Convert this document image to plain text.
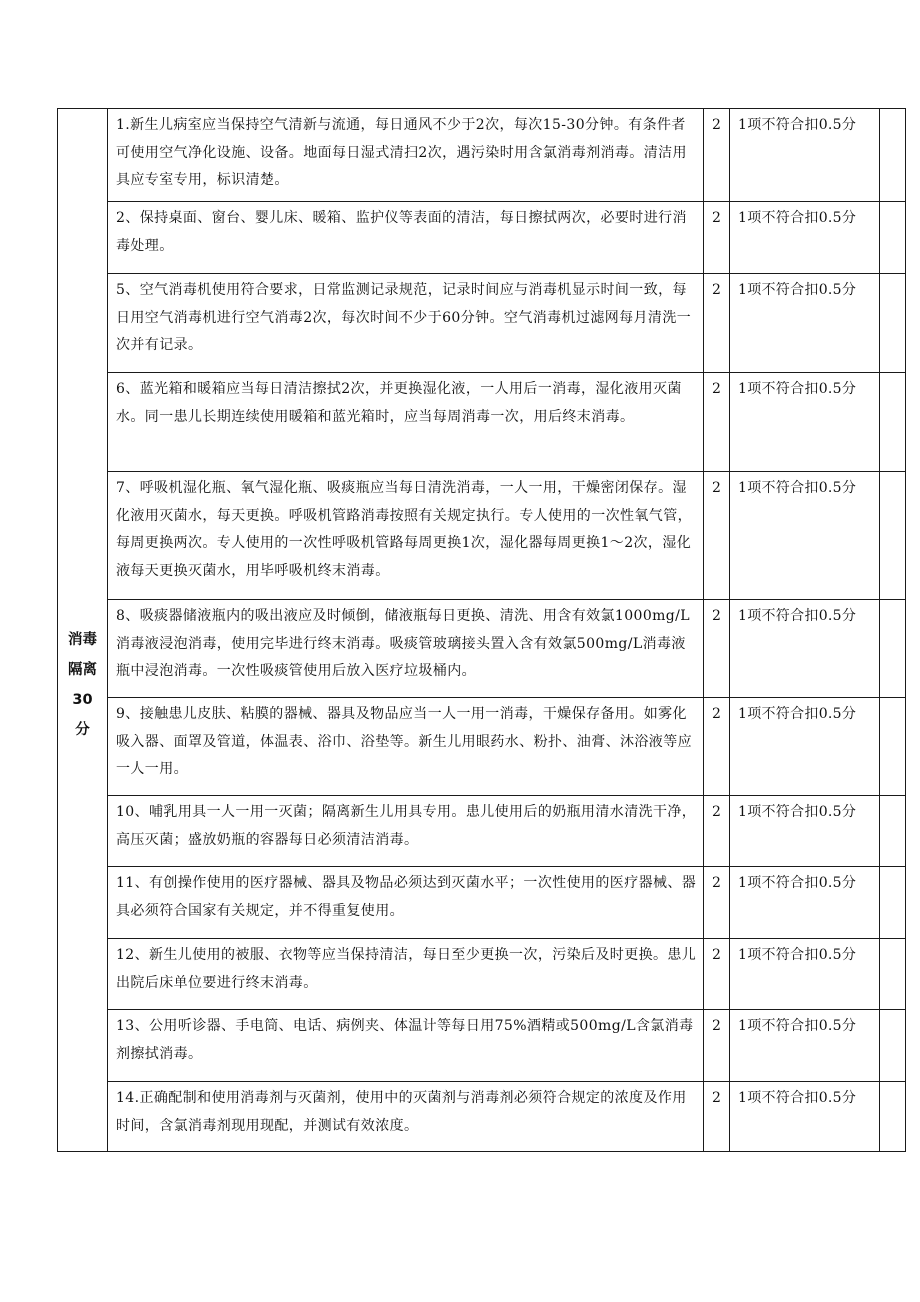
消毒
隔离
30
分	1.新生儿病室应当保持空气清新与流通，每日通风不少于2次，每次15-30分钟。有条件者可使用空气净化设施、设备。地面每日湿式清扫2次，遇污染时用含氯消毒剂消毒。清洁用具应专室专用，标识清楚。	2	1项不符合扣0.5分	

	2、保持桌面、窗台、婴儿床、暖箱、监护仪等表面的清洁，每日擦拭两次，必要时进行消毒处理。	2	1项不符合扣0.5分	

	5、空气消毒机使用符合要求，日常监测记录规范，记录时间应与消毒机显示时间一致，每日用空气消毒机进行空气消毒2次，每次时间不少于60分钟。空气消毒机过滤网每月清洗一次并有记录。	2	1项不符合扣0.5分	

	6、蓝光箱和暖箱应当每日清洁擦拭2次，并更换湿化液，一人用后一消毒，湿化液用灭菌水。同一患儿长期连续使用暖箱和蓝光箱时，应当每周消毒一次，用后终末消毒。	2	1项不符合扣0.5分	

	7、呼吸机湿化瓶、氧气湿化瓶、吸痰瓶应当每日清洗消毒，一人一用，干燥密闭保存。湿化液用灭菌水，每天更换。呼吸机管路消毒按照有关规定执行。专人使用的一次性氧气管，每周更换两次。专人使用的一次性呼吸机管路每周更换1次，湿化器每周更换1～2次，湿化液每天更换灭菌水，用毕呼吸机终末消毒。	2	1项不符合扣0.5分	

	8、吸痰器储液瓶内的吸出液应及时倾倒，储液瓶每日更换、清洗、用含有效氯1000mg/L消毒液浸泡消毒，使用完毕进行终末消毒。吸痰管玻璃接头置入含有效氯500mg/L消毒液瓶中浸泡消毒。一次性吸痰管使用后放入医疗垃圾桶内。	2	1项不符合扣0.5分	

	9、接触患儿皮肤、粘膜的器械、器具及物品应当一人一用一消毒，干燥保存备用。如雾化吸入器、面罩及管道，体温表、浴巾、浴垫等。新生儿用眼药水、粉扑、油膏、沐浴液等应一人一用。	2	1项不符合扣0.5分	

	10、哺乳用具一人一用一灭菌；隔离新生儿用具专用。患儿使用后的奶瓶用清水清洗干净，高压灭菌；盛放奶瓶的容器每日必须清洁消毒。	2	1项不符合扣0.5分	

	11、有创操作使用的医疗器械、器具及物品必须达到灭菌水平；一次性使用的医疗器械、器具必须符合国家有关规定，并不得重复使用。	2	1项不符合扣0.5分	

	12、新生儿使用的被服、衣物等应当保持清洁，每日至少更换一次，污染后及时更换。患儿出院后床单位要进行终末消毒。	2	1项不符合扣0.5分	

	13、公用听诊器、手电筒、电话、病例夹、体温计等每日用75%酒精或500mg/L含氯消毒剂擦拭消毒。	2	1项不符合扣0.5分	

	14.正确配制和使用消毒剂与灭菌剂，使用中的灭菌剂与消毒剂必须符合规定的浓度及作用时间，含氯消毒剂现用现配，并测试有效浓度。	2	1项不符合扣0.5分	
